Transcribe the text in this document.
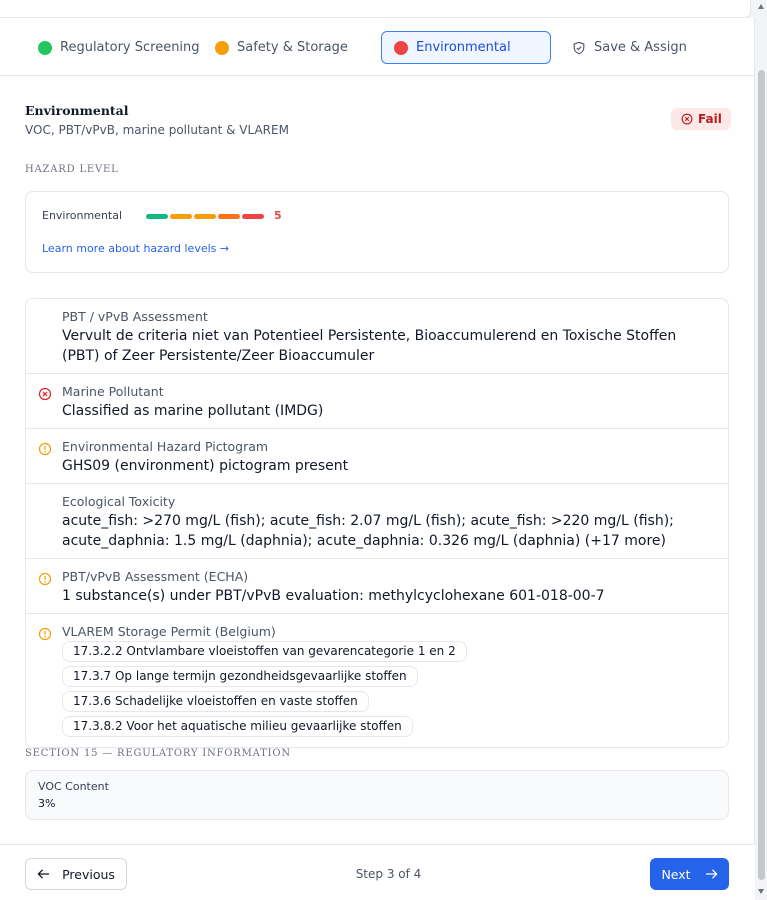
Regulatory Screening	Safety & Storage	Environmental	Save & Assign
Environmental
VOC, PBT/vPvB, marine pollutant & VLAREM
Fail
HAZARD LEVEL
Environmental	5
Learn more about hazard levels →
PBT / vPvB Assessment
Vervult de criteria niet van Potentieel Persistente, Bioaccumulerend en Toxische Stoffen (PBT) of Zeer Persistente/Zeer Bioaccumuler
Marine Pollutant
Classified as marine pollutant (IMDG)
Environmental Hazard Pictogram
GHS09 (environment) pictogram present
Ecological Toxicity
acute_fish: >270 mg/L (fish); acute_fish: 2.07 mg/L (fish); acute_fish: >220 mg/L (fish); acute_daphnia: 1.5 mg/L (daphnia); acute_daphnia: 0.326 mg/L (daphnia) (+17 more)
PBT/vPvB Assessment (ECHA)
1 substance(s) under PBT/vPvB evaluation: methylcyclohexane 601-018-00-7
VLAREM Storage Permit (Belgium)
17.3.2.2 Ontvlambare vloeistoffen van gevarencategorie 1 en 2
17.3.7 Op lange termijn gezondheidsgevaarlijke stoffen
17.3.6 Schadelijke vloeistoffen en vaste stoffen
17.3.8.2 Voor het aquatische milieu gevaarlijke stoffen
SECTION 15 — REGULATORY INFORMATION
VOC Content
3%
Previous	Step 3 of 4	Next
